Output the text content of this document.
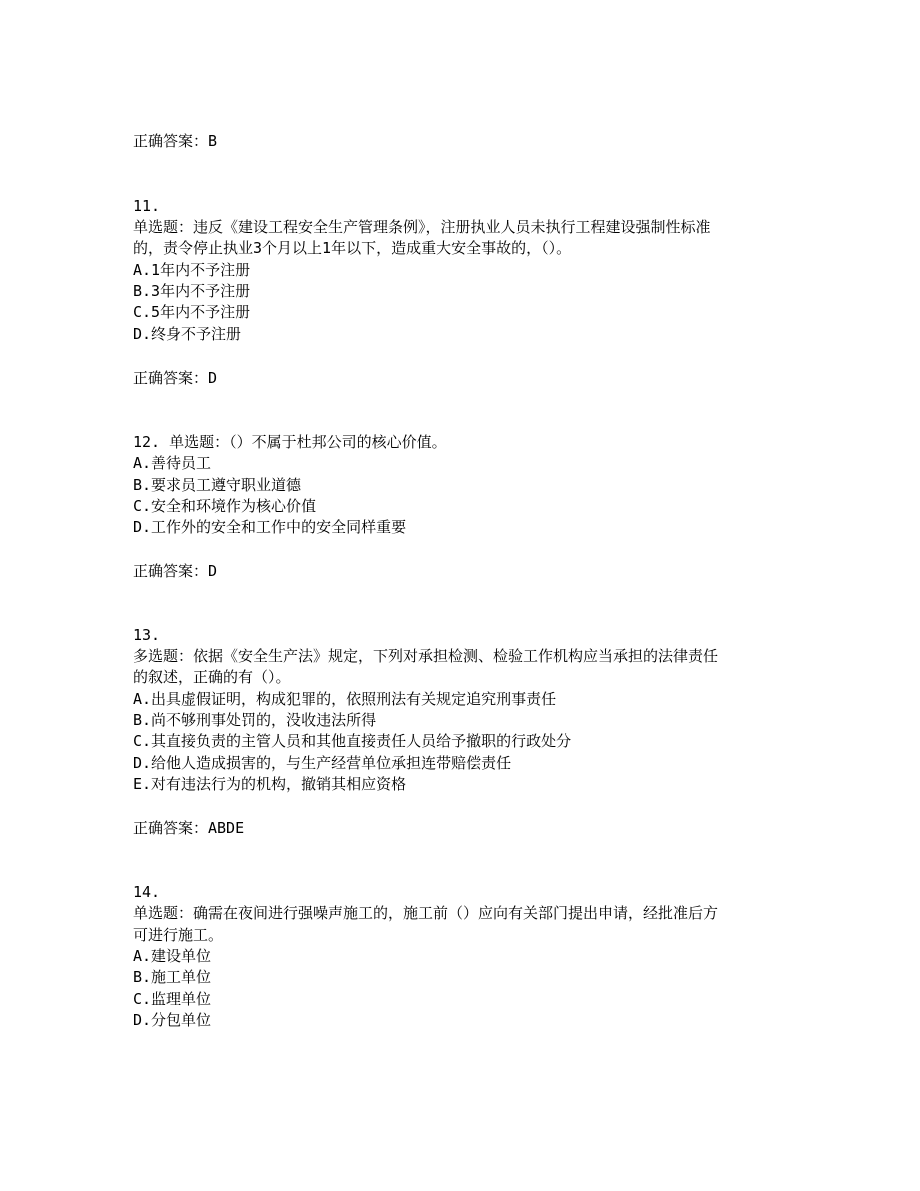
正确答案：B
11.
单选题：违反《建设工程安全生产管理条例》，注册执业人员未执行工程建设强制性标准
的，责令停止执业3个月以上1年以下，造成重大安全事故的，（）。
A.1年内不予注册
B.3年内不予注册
C.5年内不予注册
D.终身不予注册
正确答案：D
12. 单选题：（）不属于杜邦公司的核心价值。
A.善待员工
B.要求员工遵守职业道德
C.安全和环境作为核心价值
D.工作外的安全和工作中的安全同样重要
正确答案：D
13.
多选题：依据《安全生产法》规定，下列对承担检测、检验工作机构应当承担的法律责任
的叙述，正确的有（）。
A.出具虚假证明，构成犯罪的，依照刑法有关规定追究刑事责任
B.尚不够刑事处罚的，没收违法所得
C.其直接负责的主管人员和其他直接责任人员给予撤职的行政处分
D.给他人造成损害的，与生产经营单位承担连带赔偿责任
E.对有违法行为的机构，撤销其相应资格
正确答案：ABDE
14.
单选题：确需在夜间进行强噪声施工的，施工前（）应向有关部门提出申请，经批准后方
可进行施工。
A.建设单位
B.施工单位
C.监理单位
D.分包单位
